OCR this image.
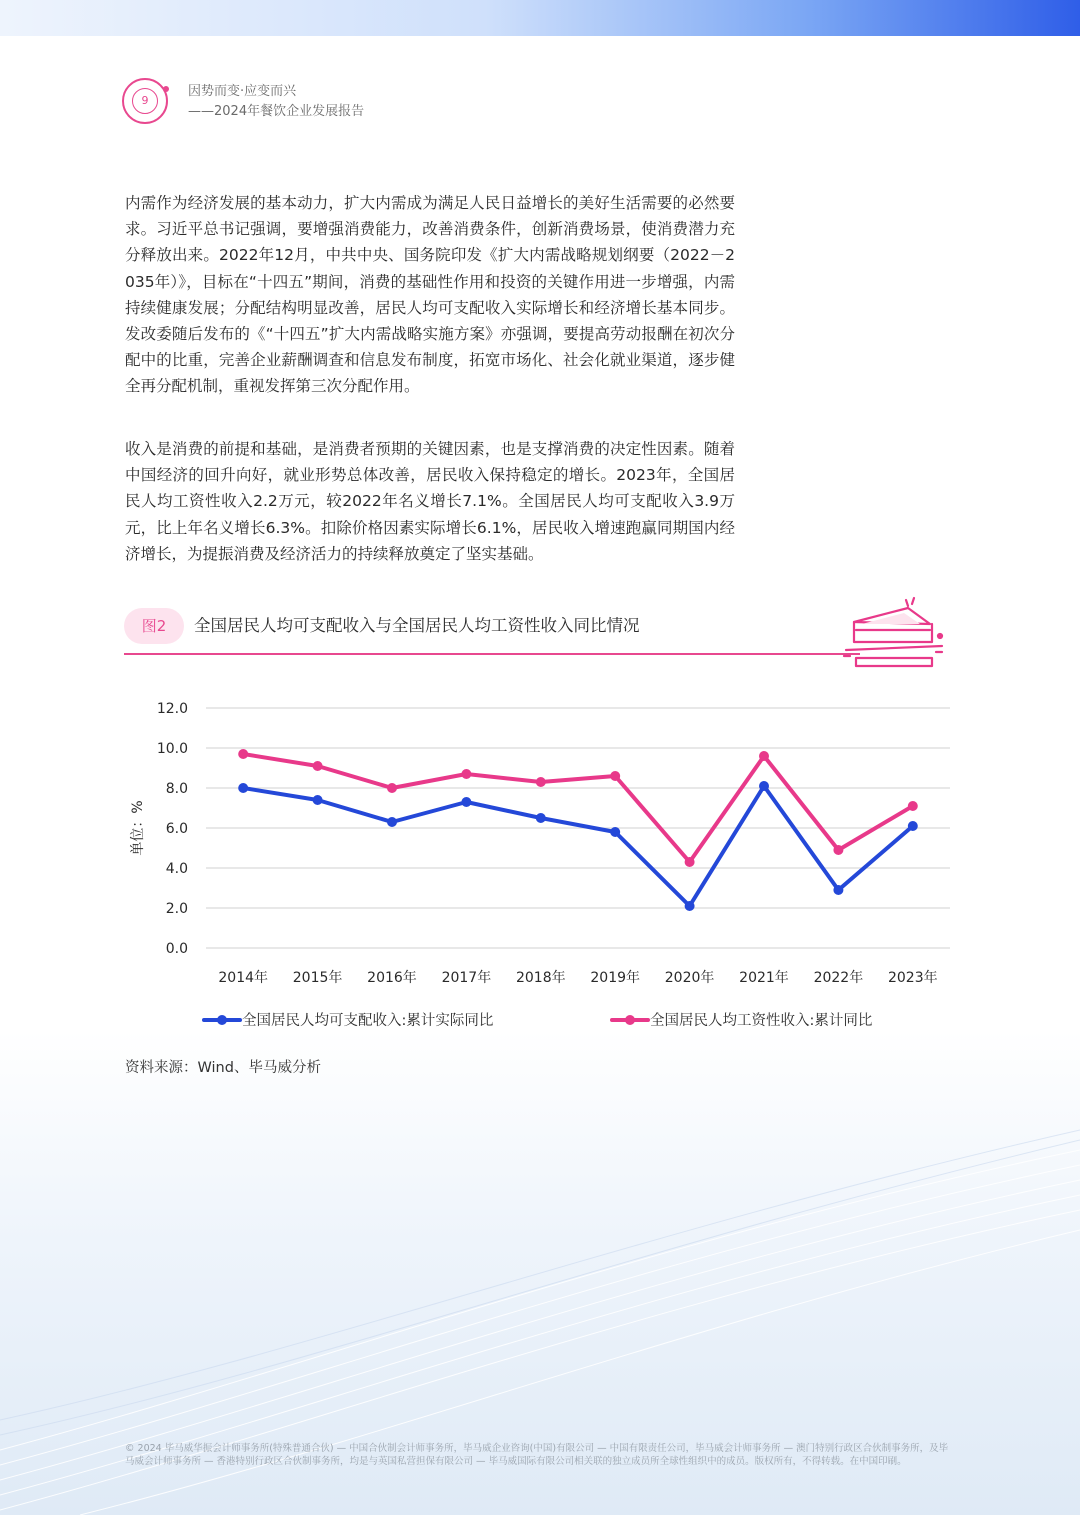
9
因势而变·应变而兴
——2024年餐饮企业发展报告
内需作为经济发展的基本动力，扩大内需成为满足人民日益增长的美好生活需要的必然要求。习近平总书记强调，要增强消费能力，改善消费条件，创新消费场景，使消费潜力充分释放出来。2022年12月，中共中央、国务院印发《扩大内需战略规划纲要（2022－2035年）》，目标在“十四五”期间，消费的基础性作用和投资的关键作用进一步增强，内需持续健康发展；分配结构明显改善，居民人均可支配收入实际增长和经济增长基本同步。发改委随后发布的《“十四五”扩大内需战略实施方案》亦强调，要提高劳动报酬在初次分配中的比重，完善企业薪酬调查和信息发布制度，拓宽市场化、社会化就业渠道，逐步健全再分配机制，重视发挥第三次分配作用。
收入是消费的前提和基础，是消费者预期的关键因素，也是支撑消费的决定性因素。随着中国经济的回升向好，就业形势总体改善，居民收入保持稳定的增长。2023年，全国居民人均工资性收入2.2万元，较2022年名义增长7.1%。全国居民人均可支配收入3.9万元，比上年名义增长6.3%。扣除价格因素实际增长6.1%，居民收入增速跑赢同期国内经济增长，为提振消费及经济活力的持续释放奠定了坚实基础。
图2	全国居民人均可支配收入与全国居民人均工资性收入同比情况
0.0
2.0
4.0
6.0
8.0
10.0
12.0
2014年 2015年 2016年 2017年 2018年 2019年 2020年 2021年 2022年 2023年
单位：%
全国居民人均可支配收入:累计实际同比	全国居民人均工资性收入:累计同比
资料来源：Wind、毕马威分析
© 2024 毕马威华振会计师事务所(特殊普通合伙) — 中国合伙制会计师事务所，毕马威企业咨询(中国)有限公司 — 中国有限责任公司，毕马威会计师事务所 — 澳门特别行政区合伙制事务所，及毕马威会计师事务所 — 香港特别行政区合伙制事务所，均是与英国私营担保有限公司 — 毕马威国际有限公司相关联的独立成员所全球性组织中的成员。版权所有，不得转载。在中国印刷。
